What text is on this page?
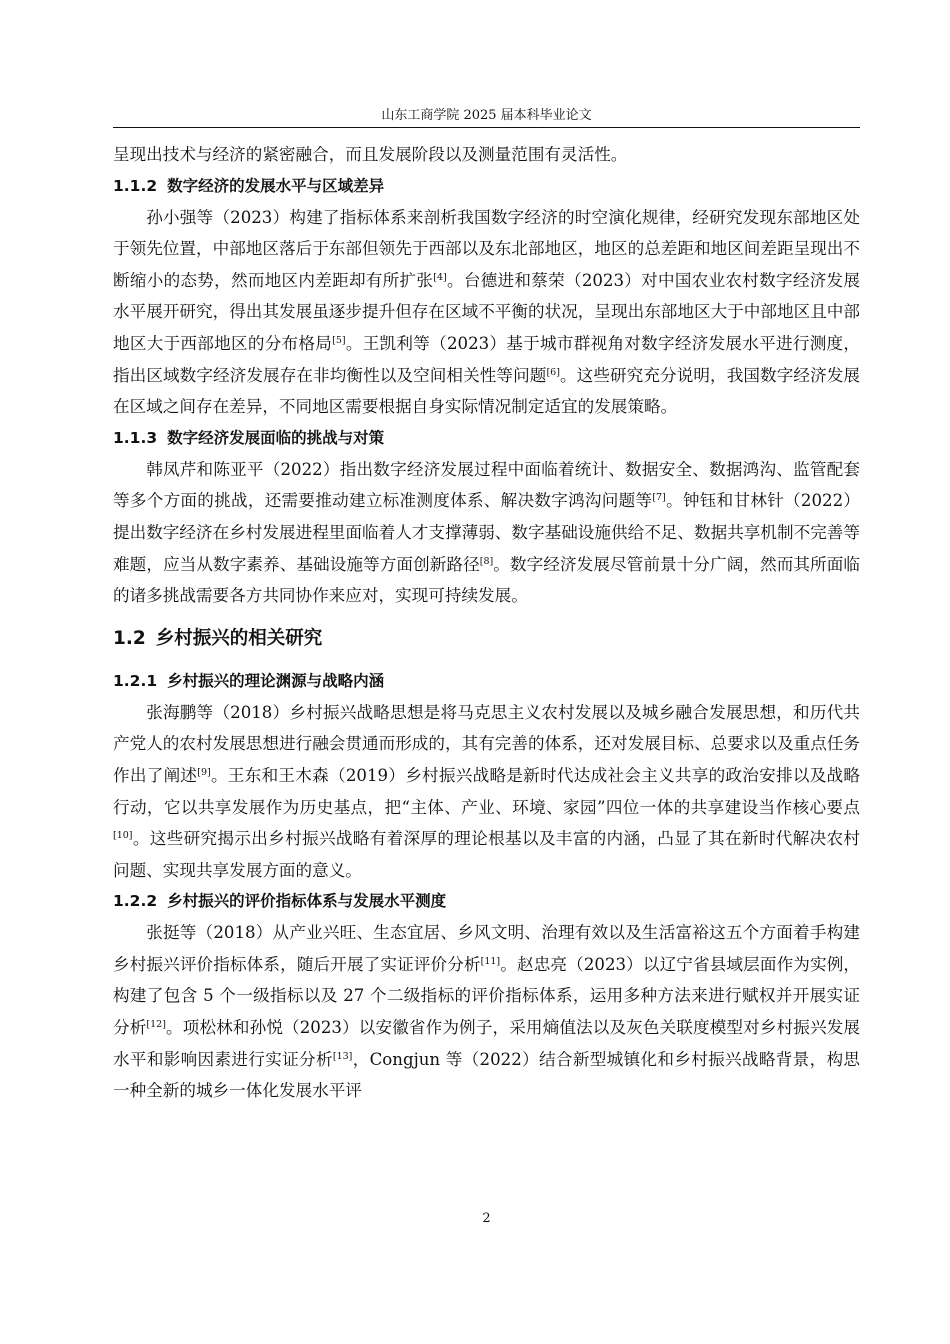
山东工商学院 2025 届本科毕业论文

呈现出技术与经济的紧密融合，而且发展阶段以及测量范围有灵活性。

1.1.2 数字经济的发展水平与区域差异

孙小强等（2023）构建了指标体系来剖析我国数字经济的时空演化规律，经研究发现东部地区处于领先位置，中部地区落后于东部但领先于西部以及东北部地区，地区的总差距和地区间差距呈现出不断缩小的态势，然而地区内差距却有所扩张[4]。台德进和蔡荣（2023）对中国农业农村数字经济发展水平展开研究，得出其发展虽逐步提升但存在区域不平衡的状况，呈现出东部地区大于中部地区且中部地区大于西部地区的分布格局[5]。王凯利等（2023）基于城市群视角对数字经济发展水平进行测度，指出区域数字经济发展存在非均衡性以及空间相关性等问题[6]。这些研究充分说明，我国数字经济发展在区域之间存在差异，不同地区需要根据自身实际情况制定适宜的发展策略。

1.1.3 数字经济发展面临的挑战与对策

韩凤芹和陈亚平（2022）指出数字经济发展过程中面临着统计、数据安全、数据鸿沟、监管配套等多个方面的挑战，还需要推动建立标准测度体系、解决数字鸿沟问题等[7]。钟钰和甘林针（2022）提出数字经济在乡村发展进程里面临着人才支撑薄弱、数字基础设施供给不足、数据共享机制不完善等难题，应当从数字素养、基础设施等方面创新路径[8]。数字经济发展尽管前景十分广阔，然而其所面临的诸多挑战需要各方共同协作来应对，实现可持续发展。

1.2 乡村振兴的相关研究

1.2.1 乡村振兴的理论渊源与战略内涵

张海鹏等（2018）乡村振兴战略思想是将马克思主义农村发展以及城乡融合发展思想，和历代共产党人的农村发展思想进行融会贯通而形成的，其有完善的体系，还对发展目标、总要求以及重点任务作出了阐述[9]。王东和王木森（2019）乡村振兴战略是新时代达成社会主义共享的政治安排以及战略行动，它以共享发展作为历史基点，把“主体、产业、环境、家园”四位一体的共享建设当作核心要点[10]。这些研究揭示出乡村振兴战略有着深厚的理论根基以及丰富的内涵，凸显了其在新时代解决农村问题、实现共享发展方面的意义。

1.2.2 乡村振兴的评价指标体系与发展水平测度

张挺等（2018）从产业兴旺、生态宜居、乡风文明、治理有效以及生活富裕这五个方面着手构建乡村振兴评价指标体系，随后开展了实证评价分析[11]。赵忠亮（2023）以辽宁省县域层面作为实例，构建了包含 5 个一级指标以及 27 个二级指标的评价指标体系，运用多种方法来进行赋权并开展实证分析[12]。项松林和孙悦（2023）以安徽省作为例子，采用熵值法以及灰色关联度模型对乡村振兴发展水平和影响因素进行实证分析[13]，Congjun 等（2022）结合新型城镇化和乡村振兴战略背景，构思一种全新的城乡一体化发展水平评

2
